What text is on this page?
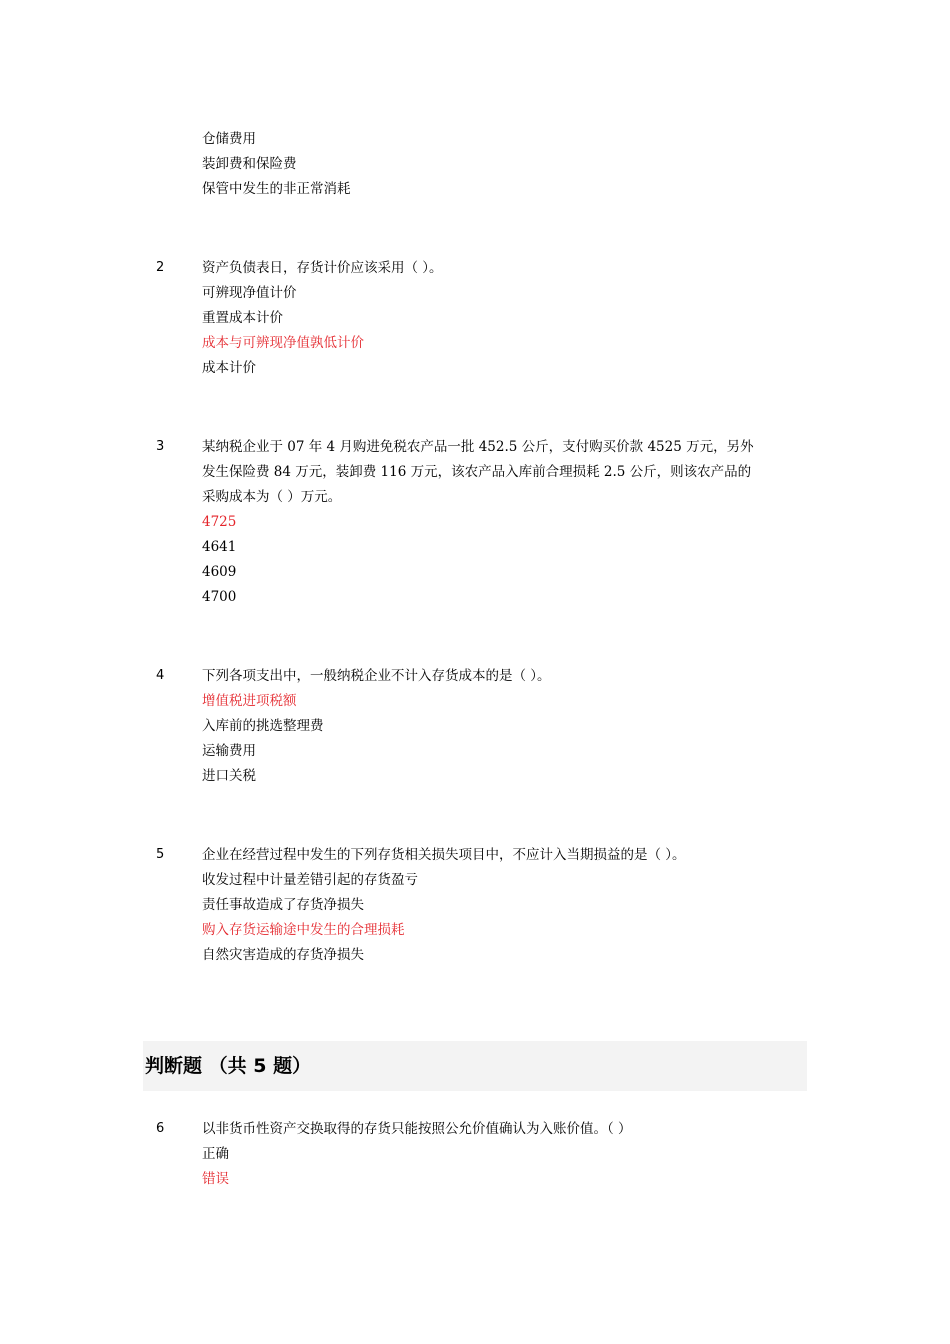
仓储费用
装卸费和保险费
保管中发生的非正常消耗
2	资产负债表日，存货计价应该采用（ ）。
可辨现净值计价
重置成本计价
成本与可辨现净值孰低计价
成本计价
3	某纳税企业于 07 年 4 月购进免税农产品一批 452.5 公斤，支付购买价款 4525 万元，另外
发生保险费 84 万元，装卸费 116 万元，该农产品入库前合理损耗 2.5 公斤，则该农产品的
采购成本为（ ）万元。
4725
4641
4609
4700
4	下列各项支出中，一般纳税企业不计入存货成本的是（ ）。
增值税进项税额
入库前的挑选整理费
运输费用
进口关税
5	企业在经营过程中发生的下列存货相关损失项目中，不应计入当期损益的是（ ）。
收发过程中计量差错引起的存货盈亏
责任事故造成了存货净损失
购入存货运输途中发生的合理损耗
自然灾害造成的存货净损失
判断题 （共 5 题）
6	以非货币性资产交换取得的存货只能按照公允价值确认为入账价值。（ ）
正确
错误
